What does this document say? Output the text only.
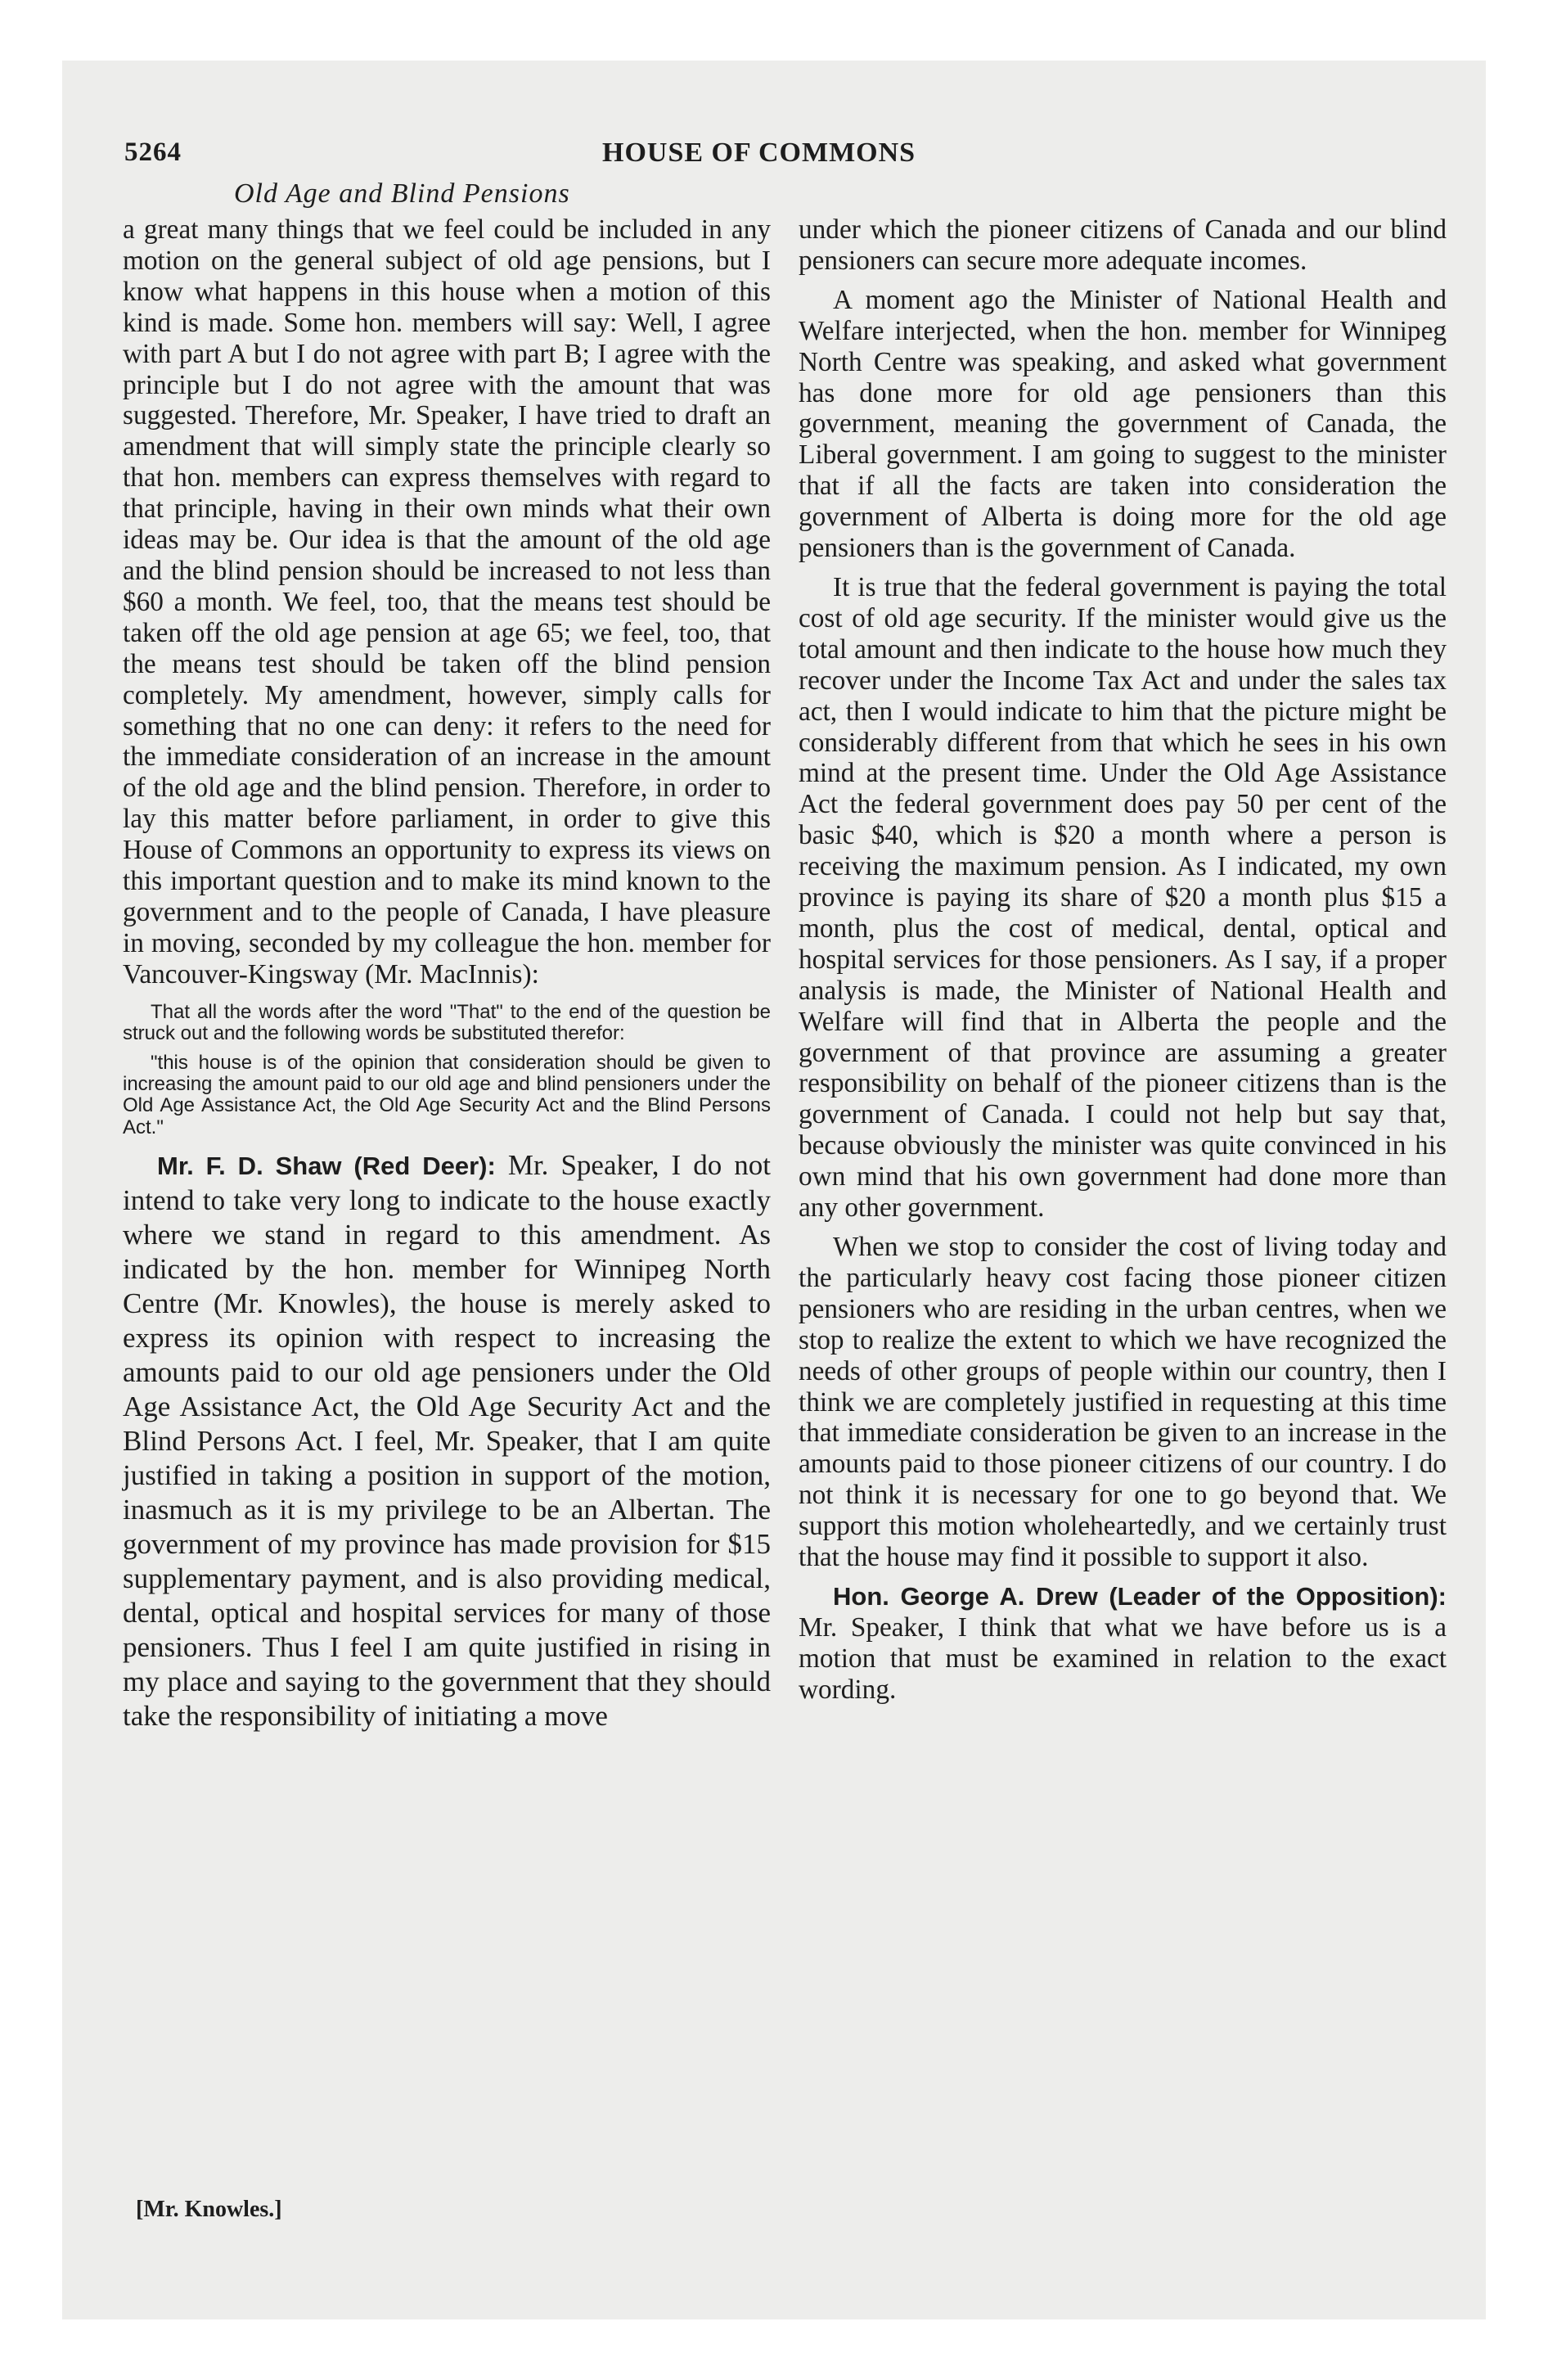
5264	HOUSE OF COMMONS
Old Age and Blind Pensions

a great many things that we feel could be included in any motion on the general subject of old age pensions, but I know what happens in this house when a motion of this kind is made. Some hon. members will say: Well, I agree with part A but I do not agree with part B; I agree with the principle but I do not agree with the amount that was suggested. Therefore, Mr. Speaker, I have tried to draft an amendment that will simply state the principle clearly so that hon. members can express themselves with regard to that principle, having in their own minds what their own ideas may be. Our idea is that the amount of the old age and the blind pension should be increased to not less than $60 a month. We feel, too, that the means test should be taken off the old age pension at age 65; we feel, too, that the means test should be taken off the blind pension completely. My amendment, however, simply calls for something that no one can deny: it refers to the need for the immediate consideration of an increase in the amount of the old age and the blind pension. Therefore, in order to lay this matter before parliament, in order to give this House of Commons an opportunity to express its views on this important question and to make its mind known to the government and to the people of Canada, I have pleasure in moving, seconded by my colleague the hon. member for Vancouver-Kingsway (Mr. MacInnis):

That all the words after the word "That" to the end of the question be struck out and the following words be substituted therefor:

"this house is of the opinion that consideration should be given to increasing the amount paid to our old age and blind pensioners under the Old Age Assistance Act, the Old Age Security Act and the Blind Persons Act."

Mr. F. D. Shaw (Red Deer): Mr. Speaker, I do not intend to take very long to indicate to the house exactly where we stand in regard to this amendment. As indicated by the hon. member for Winnipeg North Centre (Mr. Knowles), the house is merely asked to express its opinion with respect to increasing the amounts paid to our old age pensioners under the Old Age Assistance Act, the Old Age Security Act and the Blind Persons Act. I feel, Mr. Speaker, that I am quite justified in taking a position in support of the motion, inasmuch as it is my privilege to be an Albertan. The government of my province has made provision for $15 supplementary payment, and is also providing medical, dental, optical and hospital services for many of those pensioners. Thus I feel I am quite justified in rising in my place and saying to the government that they should take the responsibility of initiating a move

under which the pioneer citizens of Canada and our blind pensioners can secure more adequate incomes.

A moment ago the Minister of National Health and Welfare interjected, when the hon. member for Winnipeg North Centre was speaking, and asked what government has done more for old age pensioners than this government, meaning the government of Canada, the Liberal government. I am going to suggest to the minister that if all the facts are taken into consideration the government of Alberta is doing more for the old age pensioners than is the government of Canada.

It is true that the federal government is paying the total cost of old age security. If the minister would give us the total amount and then indicate to the house how much they recover under the Income Tax Act and under the sales tax act, then I would indicate to him that the picture might be considerably different from that which he sees in his own mind at the present time. Under the Old Age Assistance Act the federal government does pay 50 per cent of the basic $40, which is $20 a month where a person is receiving the maximum pension. As I indicated, my own province is paying its share of $20 a month plus $15 a month, plus the cost of medical, dental, optical and hospital services for those pensioners. As I say, if a proper analysis is made, the Minister of National Health and Welfare will find that in Alberta the people and the government of that province are assuming a greater responsibility on behalf of the pioneer citizens than is the government of Canada. I could not help but say that, because obviously the minister was quite convinced in his own mind that his own government had done more than any other government.

When we stop to consider the cost of living today and the particularly heavy cost facing those pioneer citizen pensioners who are residing in the urban centres, when we stop to realize the extent to which we have recognized the needs of other groups of people within our country, then I think we are completely justified in requesting at this time that immediate consideration be given to an increase in the amounts paid to those pioneer citizens of our country. I do not think it is necessary for one to go beyond that. We support this motion wholeheartedly, and we certainly trust that the house may find it possible to support it also.

Hon. George A. Drew (Leader of the Opposition): Mr. Speaker, I think that what we have before us is a motion that must be examined in relation to the exact wording.

[Mr. Knowles.]
